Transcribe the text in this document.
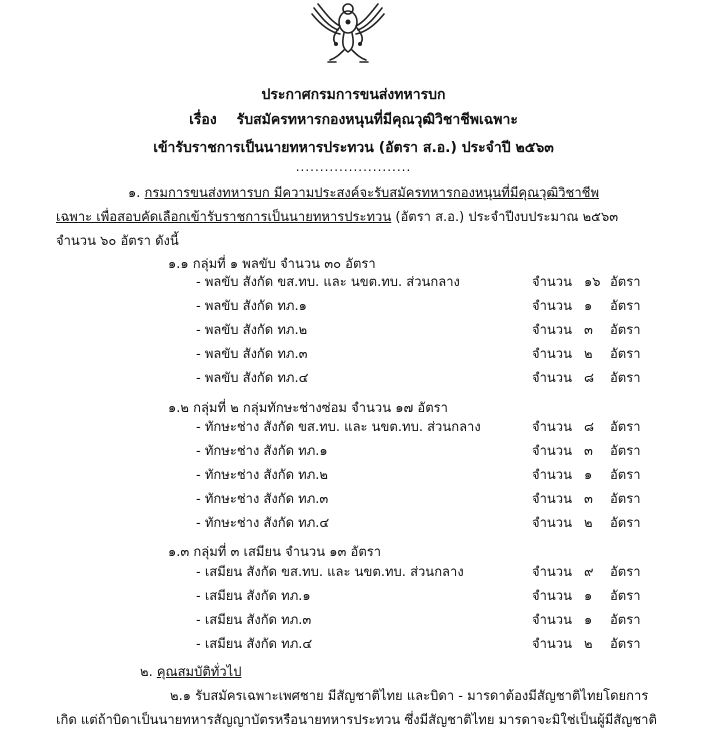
ประกาศกรมการขนส่งทหารบก
เรื่อง รับสมัครทหารกองหนุนที่มีคุณวุฒิวิชาชีพเฉพาะ
เข้ารับราชการเป็นนายทหารประทวน (อัตรา ส.อ.) ประจำปี ๒๕๖๓
........................
๑. กรมการขนส่งทหารบก มีความประสงค์จะรับสมัครทหารกองหนุนที่มีคุณวุฒิวิชาชีพ
เฉพาะ เพื่อสอบคัดเลือกเข้ารับราชการเป็นนายทหารประทวน (อัตรา ส.อ.) ประจำปีงบประมาณ ๒๕๖๓
จำนวน ๖๐ อัตรา ดังนี้
๑.๑ กลุ่มที่ ๑ พลขับ จำนวน ๓๐ อัตรา
- พลขับ สังกัด ขส.ทบ. และ นขต.ทบ. ส่วนกลาง	จำนวน ๑๖ อัตรา
- พลขับ สังกัด ทภ.๑	จำนวน ๑ อัตรา
- พลขับ สังกัด ทภ.๒	จำนวน ๓ อัตรา
- พลขับ สังกัด ทภ.๓	จำนวน ๒ อัตรา
- พลขับ สังกัด ทภ.๔	จำนวน ๘ อัตรา
๑.๒ กลุ่มที่ ๒ กลุ่มทักษะช่างซ่อม จำนวน ๑๗ อัตรา
- ทักษะช่าง สังกัด ขส.ทบ. และ นขต.ทบ. ส่วนกลาง	จำนวน ๘ อัตรา
- ทักษะช่าง สังกัด ทภ.๑	จำนวน ๓ อัตรา
- ทักษะช่าง สังกัด ทภ.๒	จำนวน ๑ อัตรา
- ทักษะช่าง สังกัด ทภ.๓	จำนวน ๓ อัตรา
- ทักษะช่าง สังกัด ทภ.๔	จำนวน ๒ อัตรา
๑.๓ กลุ่มที่ ๓ เสมียน จำนวน ๑๓ อัตรา
- เสมียน สังกัด ขส.ทบ. และ นขต.ทบ. ส่วนกลาง	จำนวน ๙ อัตรา
- เสมียน สังกัด ทภ.๑	จำนวน ๑ อัตรา
- เสมียน สังกัด ทภ.๓	จำนวน ๑ อัตรา
- เสมียน สังกัด ทภ.๔	จำนวน ๒ อัตรา
๒. คุณสมบัติทั่วไป
๒.๑ รับสมัครเฉพาะเพศชาย มีสัญชาติไทย และบิดา - มารดาต้องมีสัญชาติไทยโดยการ
เกิด แต่ถ้าบิดาเป็นนายทหารสัญญาบัตรหรือนายทหารประทวน ซึ่งมีสัญชาติไทย มารดาจะมิใช่เป็นผู้มีสัญชาติ
